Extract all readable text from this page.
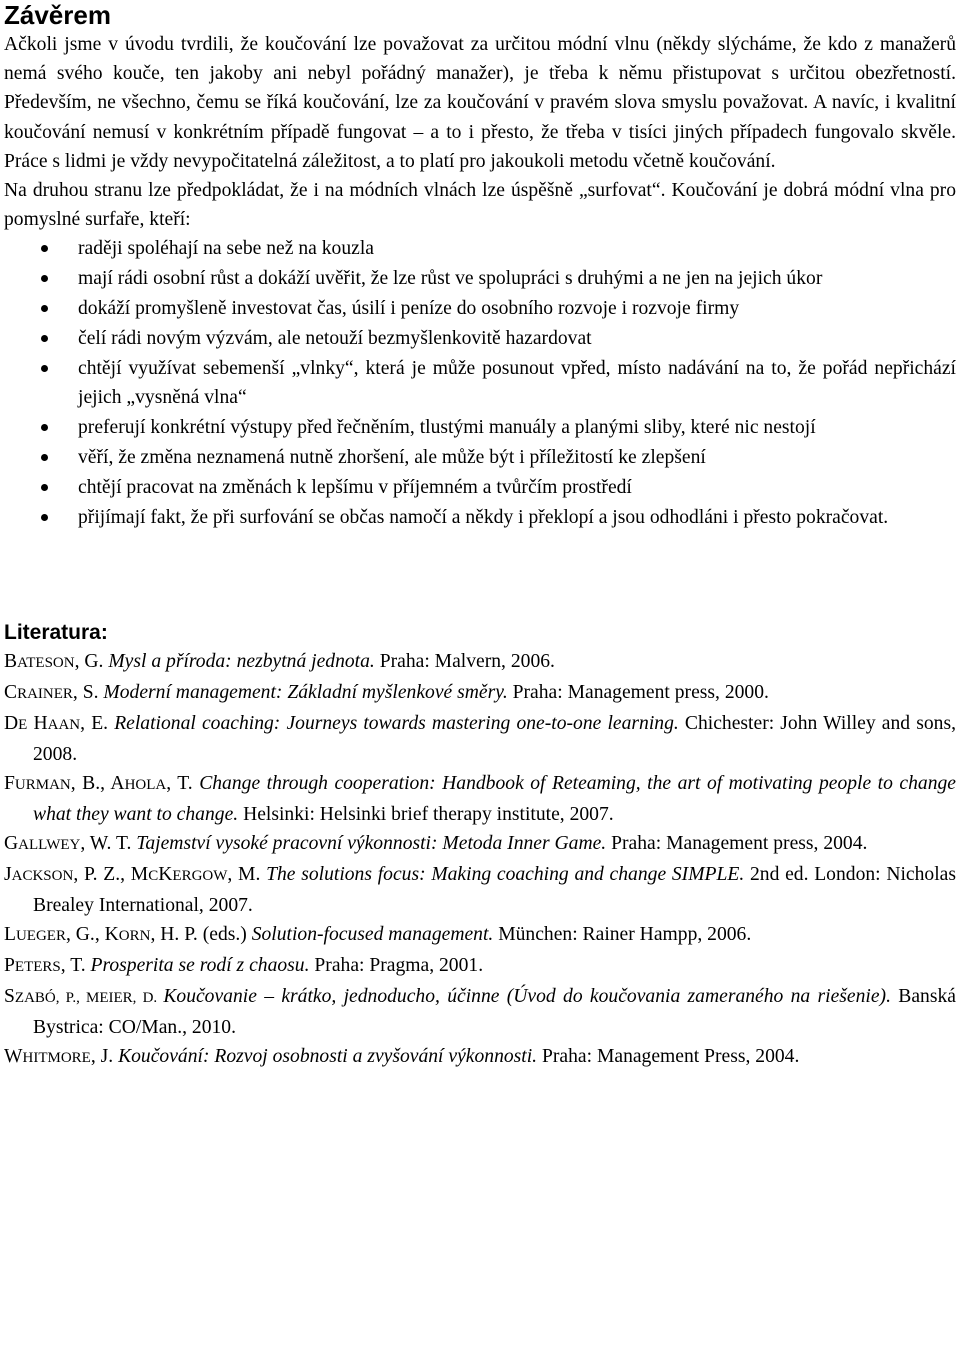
Závěrem

Ačkoli jsme v úvodu tvrdili, že koučování lze považovat za určitou módní vlnu (někdy slýcháme, že kdo z manažerů nemá svého kouče, ten jakoby ani nebyl pořádný manažer), je třeba k němu přistupovat s určitou obezřetností. Především, ne všechno, čemu se říká koučování, lze za koučování v pravém slova smyslu považovat. A navíc, i kvalitní koučování nemusí v konkrétním případě fungovat – a to i přesto, že třeba v tisíci jiných případech fungovalo skvěle. Práce s lidmi je vždy nevypočitatelná záležitost, a to platí pro jakoukoli metodu včetně koučování.

Na druhou stranu lze předpokládat, že i na módních vlnách lze úspěšně „surfovat“. Koučování je dobrá módní vlna pro pomyslné surfaře, kteří:

raději spoléhají na sebe než na kouzla
mají rádi osobní růst a dokáží uvěřit, že lze růst ve spolupráci s druhými a ne jen na jejich úkor
dokáží promyšleně investovat čas, úsilí i peníze do osobního rozvoje i rozvoje firmy
čelí rádi novým výzvám, ale netouží bezmyšlenkovitě hazardovat
chtějí využívat sebemenší „vlnky“, která je může posunout vpřed, místo nadávání na to, že pořád nepřichází jejich „vysněná vlna“
preferují konkrétní výstupy před řečněním, tlustými manuály a planými sliby, které nic nestojí
věří, že změna neznamená nutně zhoršení, ale může být i příležitostí ke zlepšení
chtějí pracovat na změnách k lepšímu v příjemném a tvůrčím prostředí
přijímají fakt, že při surfování se občas namočí a někdy i překlopí a jsou odhodláni i přesto pokračovat.
Literatura:
BATESON, G. Mysl a příroda: nezbytná jednota. Praha: Malvern, 2006.
CRAINER, S. Moderní management: Základní myšlenkové směry. Praha: Management press, 2000.
DE HAAN, E. Relational coaching: Journeys towards mastering one-to-one learning. Chichester: John Willey and sons, 2008.
FURMAN, B., AHOLA, T. Change through cooperation: Handbook of Reteaming, the art of motivating people to change what they want to change. Helsinki: Helsinki brief therapy institute, 2007.
GALLWEY, W. T. Tajemství vysoké pracovní výkonnosti: Metoda Inner Game. Praha: Management press, 2004.
JACKSON, P. Z., MCKERGOW, M. The solutions focus: Making coaching and change SIMPLE. 2nd ed. London: Nicholas Brealey International, 2007.
LUEGER, G., KORN, H. P. (eds.) Solution-focused management. München: Rainer Hampp, 2006.
PETERS, T. Prosperita se rodí z chaosu. Praha: Pragma, 2001.
SZABÓ, P., MEIER, D. Koučovanie – krátko, jednoducho, účinne (Úvod do koučovania zameraného na riešenie). Banská Bystrica: CO/Man., 2010.
WHITMORE, J. Koučování: Rozvoj osobnosti a zvyšování výkonnosti. Praha: Management Press, 2004.
